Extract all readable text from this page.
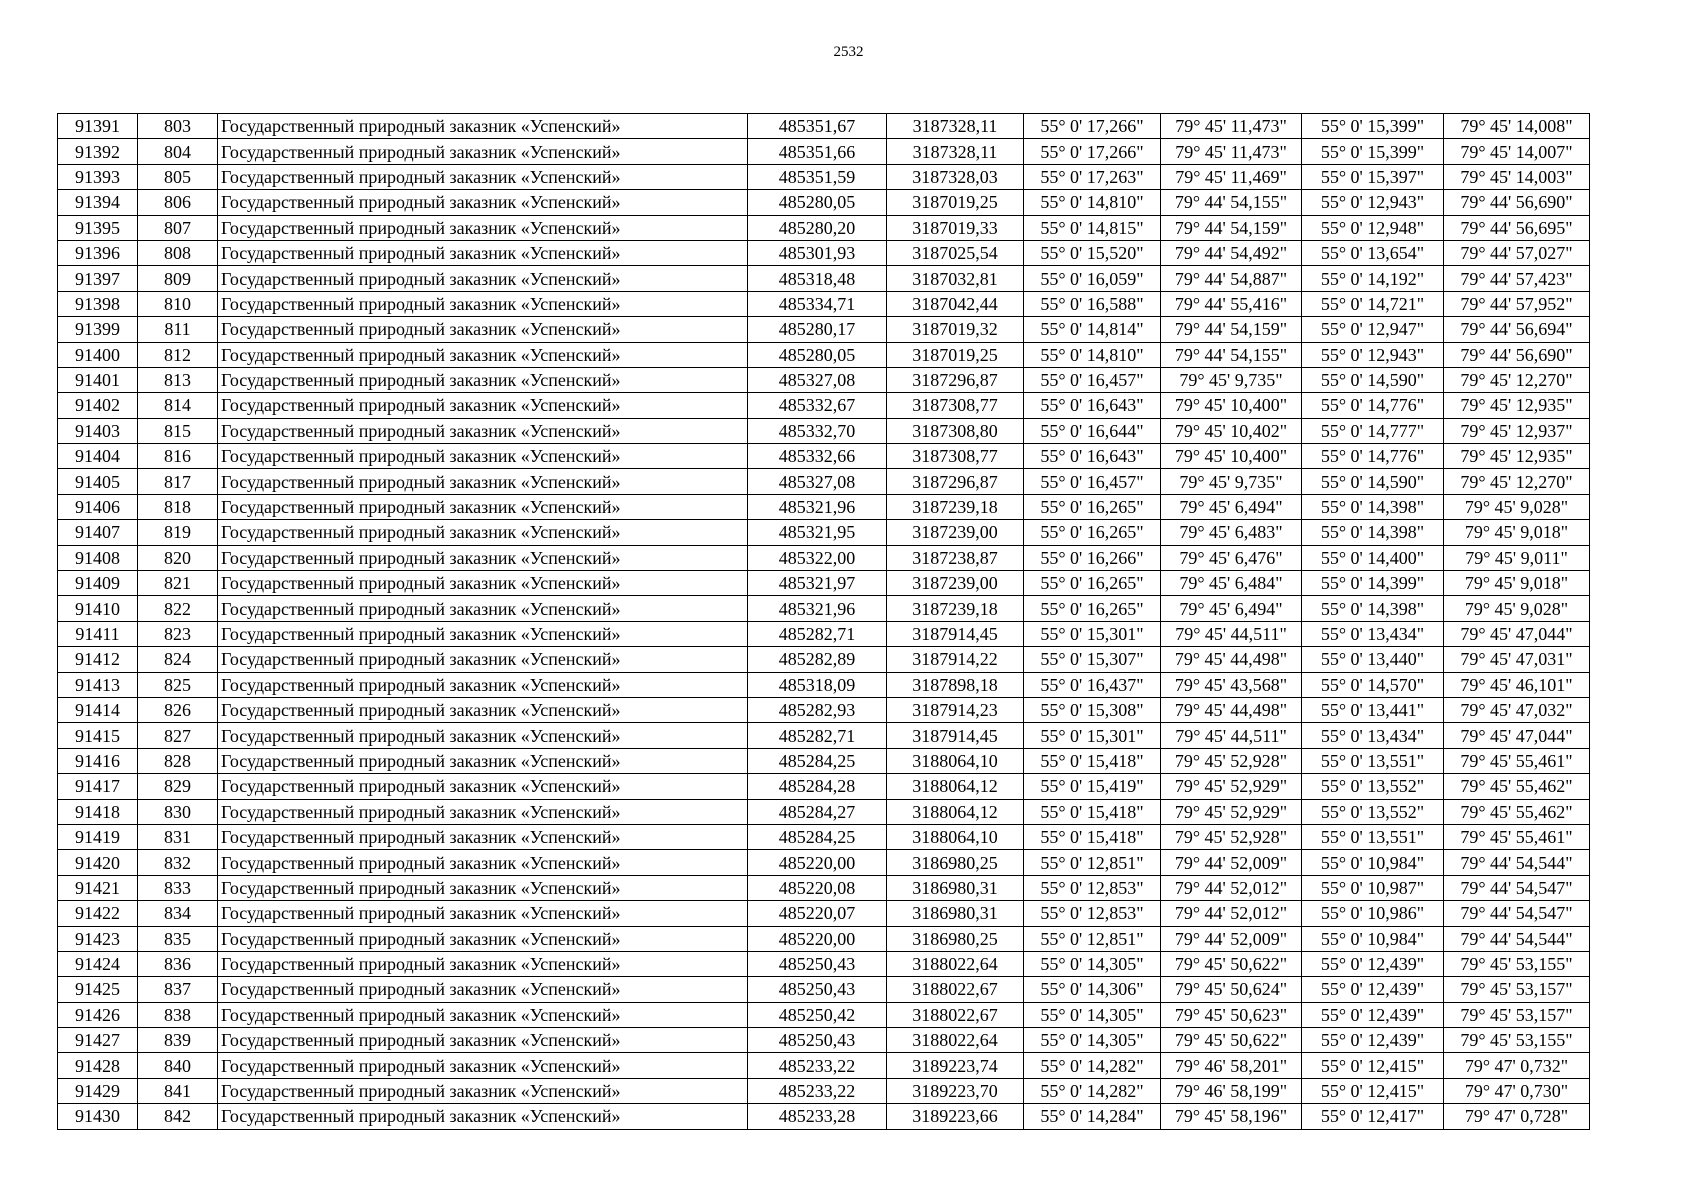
2532
91391	803	Государственный природный заказник «Успенский»	485351,67	3187328,11	55° 0' 17,266"	79° 45' 11,473"	55° 0' 15,399"	79° 45' 14,008"
91392	804	Государственный природный заказник «Успенский»	485351,66	3187328,11	55° 0' 17,266"	79° 45' 11,473"	55° 0' 15,399"	79° 45' 14,007"
91393	805	Государственный природный заказник «Успенский»	485351,59	3187328,03	55° 0' 17,263"	79° 45' 11,469"	55° 0' 15,397"	79° 45' 14,003"
91394	806	Государственный природный заказник «Успенский»	485280,05	3187019,25	55° 0' 14,810"	79° 44' 54,155"	55° 0' 12,943"	79° 44' 56,690"
91395	807	Государственный природный заказник «Успенский»	485280,20	3187019,33	55° 0' 14,815"	79° 44' 54,159"	55° 0' 12,948"	79° 44' 56,695"
91396	808	Государственный природный заказник «Успенский»	485301,93	3187025,54	55° 0' 15,520"	79° 44' 54,492"	55° 0' 13,654"	79° 44' 57,027"
91397	809	Государственный природный заказник «Успенский»	485318,48	3187032,81	55° 0' 16,059"	79° 44' 54,887"	55° 0' 14,192"	79° 44' 57,423"
91398	810	Государственный природный заказник «Успенский»	485334,71	3187042,44	55° 0' 16,588"	79° 44' 55,416"	55° 0' 14,721"	79° 44' 57,952"
91399	811	Государственный природный заказник «Успенский»	485280,17	3187019,32	55° 0' 14,814"	79° 44' 54,159"	55° 0' 12,947"	79° 44' 56,694"
91400	812	Государственный природный заказник «Успенский»	485280,05	3187019,25	55° 0' 14,810"	79° 44' 54,155"	55° 0' 12,943"	79° 44' 56,690"
91401	813	Государственный природный заказник «Успенский»	485327,08	3187296,87	55° 0' 16,457"	79° 45' 9,735"	55° 0' 14,590"	79° 45' 12,270"
91402	814	Государственный природный заказник «Успенский»	485332,67	3187308,77	55° 0' 16,643"	79° 45' 10,400"	55° 0' 14,776"	79° 45' 12,935"
91403	815	Государственный природный заказник «Успенский»	485332,70	3187308,80	55° 0' 16,644"	79° 45' 10,402"	55° 0' 14,777"	79° 45' 12,937"
91404	816	Государственный природный заказник «Успенский»	485332,66	3187308,77	55° 0' 16,643"	79° 45' 10,400"	55° 0' 14,776"	79° 45' 12,935"
91405	817	Государственный природный заказник «Успенский»	485327,08	3187296,87	55° 0' 16,457"	79° 45' 9,735"	55° 0' 14,590"	79° 45' 12,270"
91406	818	Государственный природный заказник «Успенский»	485321,96	3187239,18	55° 0' 16,265"	79° 45' 6,494"	55° 0' 14,398"	79° 45' 9,028"
91407	819	Государственный природный заказник «Успенский»	485321,95	3187239,00	55° 0' 16,265"	79° 45' 6,483"	55° 0' 14,398"	79° 45' 9,018"
91408	820	Государственный природный заказник «Успенский»	485322,00	3187238,87	55° 0' 16,266"	79° 45' 6,476"	55° 0' 14,400"	79° 45' 9,011"
91409	821	Государственный природный заказник «Успенский»	485321,97	3187239,00	55° 0' 16,265"	79° 45' 6,484"	55° 0' 14,399"	79° 45' 9,018"
91410	822	Государственный природный заказник «Успенский»	485321,96	3187239,18	55° 0' 16,265"	79° 45' 6,494"	55° 0' 14,398"	79° 45' 9,028"
91411	823	Государственный природный заказник «Успенский»	485282,71	3187914,45	55° 0' 15,301"	79° 45' 44,511"	55° 0' 13,434"	79° 45' 47,044"
91412	824	Государственный природный заказник «Успенский»	485282,89	3187914,22	55° 0' 15,307"	79° 45' 44,498"	55° 0' 13,440"	79° 45' 47,031"
91413	825	Государственный природный заказник «Успенский»	485318,09	3187898,18	55° 0' 16,437"	79° 45' 43,568"	55° 0' 14,570"	79° 45' 46,101"
91414	826	Государственный природный заказник «Успенский»	485282,93	3187914,23	55° 0' 15,308"	79° 45' 44,498"	55° 0' 13,441"	79° 45' 47,032"
91415	827	Государственный природный заказник «Успенский»	485282,71	3187914,45	55° 0' 15,301"	79° 45' 44,511"	55° 0' 13,434"	79° 45' 47,044"
91416	828	Государственный природный заказник «Успенский»	485284,25	3188064,10	55° 0' 15,418"	79° 45' 52,928"	55° 0' 13,551"	79° 45' 55,461"
91417	829	Государственный природный заказник «Успенский»	485284,28	3188064,12	55° 0' 15,419"	79° 45' 52,929"	55° 0' 13,552"	79° 45' 55,462"
91418	830	Государственный природный заказник «Успенский»	485284,27	3188064,12	55° 0' 15,418"	79° 45' 52,929"	55° 0' 13,552"	79° 45' 55,462"
91419	831	Государственный природный заказник «Успенский»	485284,25	3188064,10	55° 0' 15,418"	79° 45' 52,928"	55° 0' 13,551"	79° 45' 55,461"
91420	832	Государственный природный заказник «Успенский»	485220,00	3186980,25	55° 0' 12,851"	79° 44' 52,009"	55° 0' 10,984"	79° 44' 54,544"
91421	833	Государственный природный заказник «Успенский»	485220,08	3186980,31	55° 0' 12,853"	79° 44' 52,012"	55° 0' 10,987"	79° 44' 54,547"
91422	834	Государственный природный заказник «Успенский»	485220,07	3186980,31	55° 0' 12,853"	79° 44' 52,012"	55° 0' 10,986"	79° 44' 54,547"
91423	835	Государственный природный заказник «Успенский»	485220,00	3186980,25	55° 0' 12,851"	79° 44' 52,009"	55° 0' 10,984"	79° 44' 54,544"
91424	836	Государственный природный заказник «Успенский»	485250,43	3188022,64	55° 0' 14,305"	79° 45' 50,622"	55° 0' 12,439"	79° 45' 53,155"
91425	837	Государственный природный заказник «Успенский»	485250,43	3188022,67	55° 0' 14,306"	79° 45' 50,624"	55° 0' 12,439"	79° 45' 53,157"
91426	838	Государственный природный заказник «Успенский»	485250,42	3188022,67	55° 0' 14,305"	79° 45' 50,623"	55° 0' 12,439"	79° 45' 53,157"
91427	839	Государственный природный заказник «Успенский»	485250,43	3188022,64	55° 0' 14,305"	79° 45' 50,622"	55° 0' 12,439"	79° 45' 53,155"
91428	840	Государственный природный заказник «Успенский»	485233,22	3189223,74	55° 0' 14,282"	79° 46' 58,201"	55° 0' 12,415"	79° 47' 0,732"
91429	841	Государственный природный заказник «Успенский»	485233,22	3189223,70	55° 0' 14,282"	79° 46' 58,199"	55° 0' 12,415"	79° 47' 0,730"
91430	842	Государственный природный заказник «Успенский»	485233,28	3189223,66	55° 0' 14,284"	79° 45' 58,196"	55° 0' 12,417"	79° 47' 0,728"
